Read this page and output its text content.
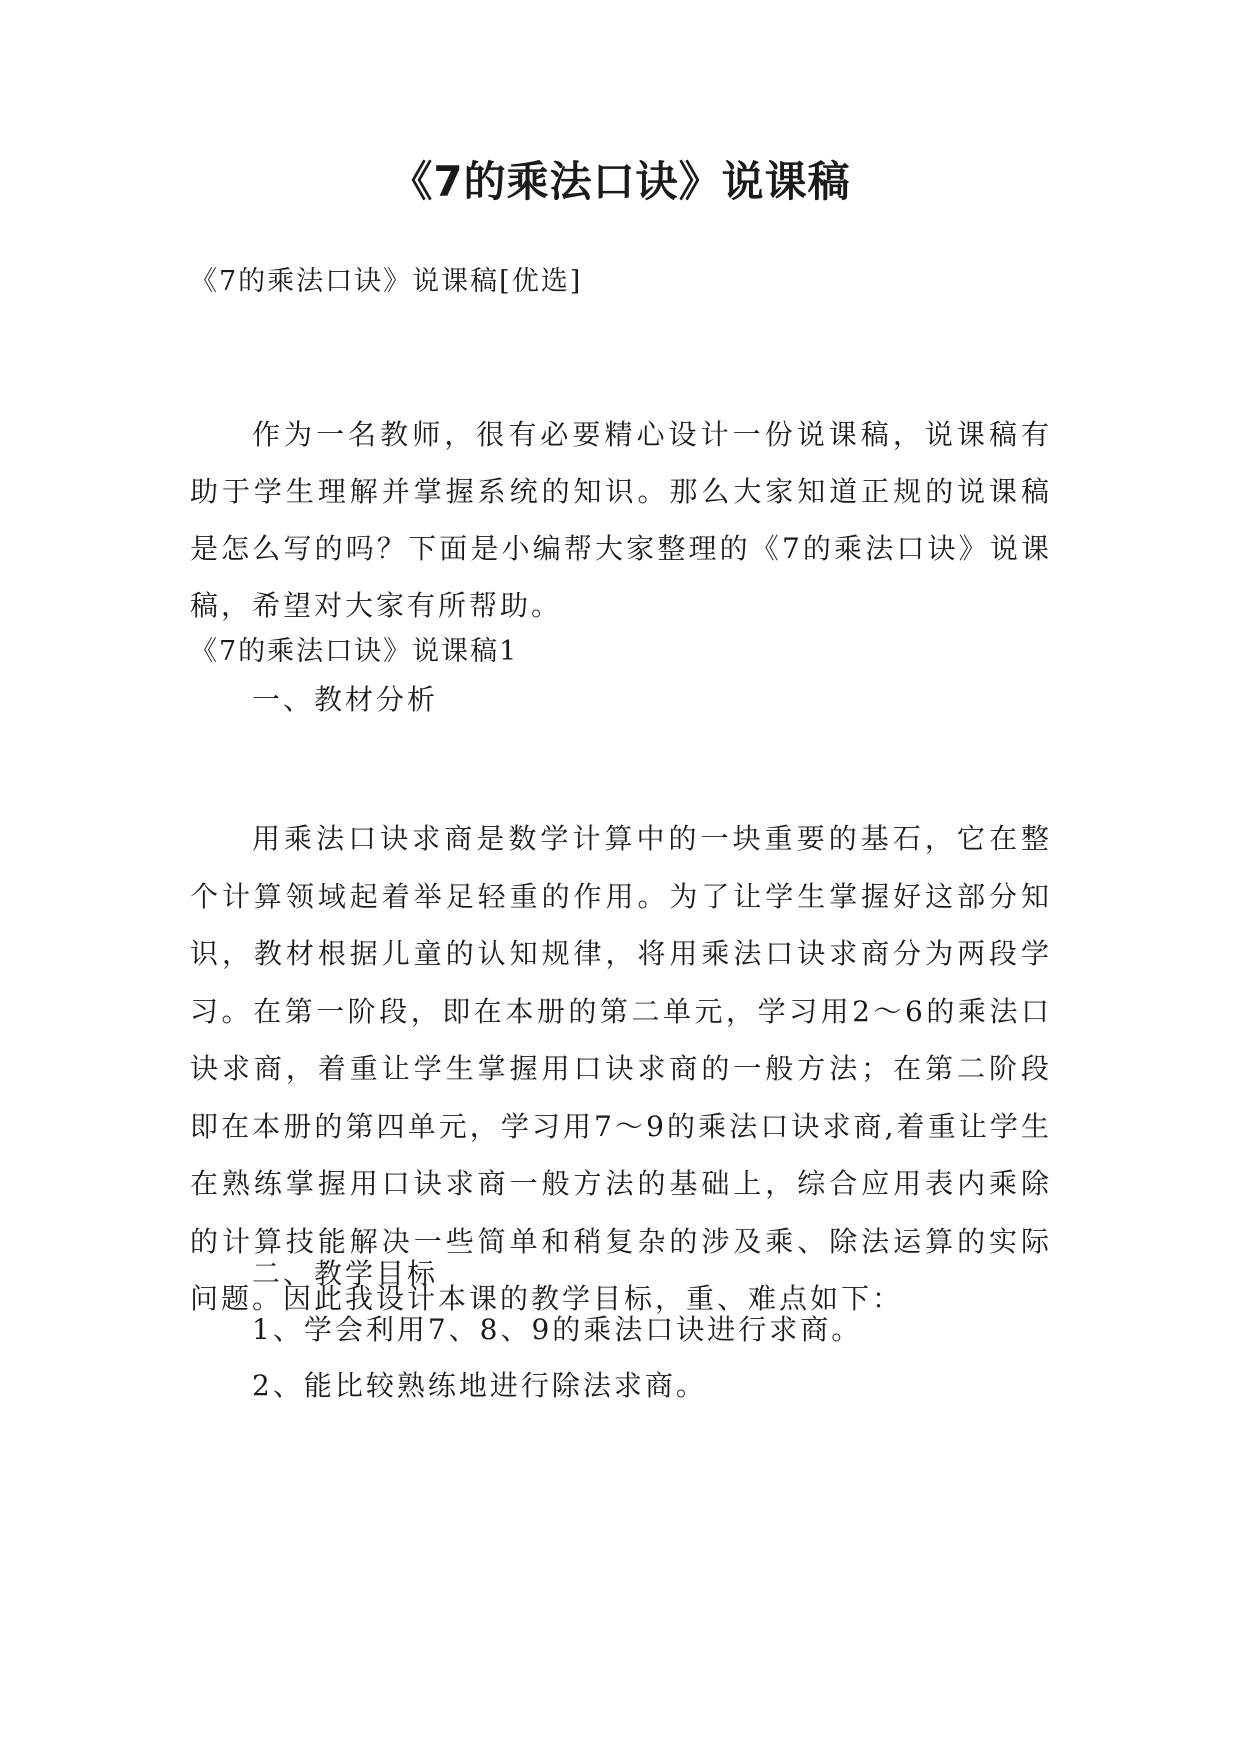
《7的乘法口诀》说课稿

《7的乘法口诀》说课稿[优选]

作为一名教师，很有必要精心设计一份说课稿，说课稿有助于学生理解并掌握系统的知识。那么大家知道正规的说课稿是怎么写的吗？下面是小编帮大家整理的《7的乘法口诀》说课稿，希望对大家有所帮助。

《7的乘法口诀》说课稿1

一、教材分析

用乘法口诀求商是数学计算中的一块重要的基石，它在整个计算领域起着举足轻重的作用。为了让学生掌握好这部分知识，教材根据儿童的认知规律，将用乘法口诀求商分为两段学习。在第一阶段，即在本册的第二单元，学习用2～6的乘法口诀求商，着重让学生掌握用口诀求商的一般方法；在第二阶段即在本册的第四单元，学习用7～9的乘法口诀求商,着重让学生在熟练掌握用口诀求商一般方法的基础上，综合应用表内乘除的计算技能解决一些简单和稍复杂的涉及乘、除法运算的实际问题。因此我设计本课的教学目标，重、难点如下：

二、教学目标

1、学会利用7、8、9的乘法口诀进行求商。

2、能比较熟练地进行除法求商。
